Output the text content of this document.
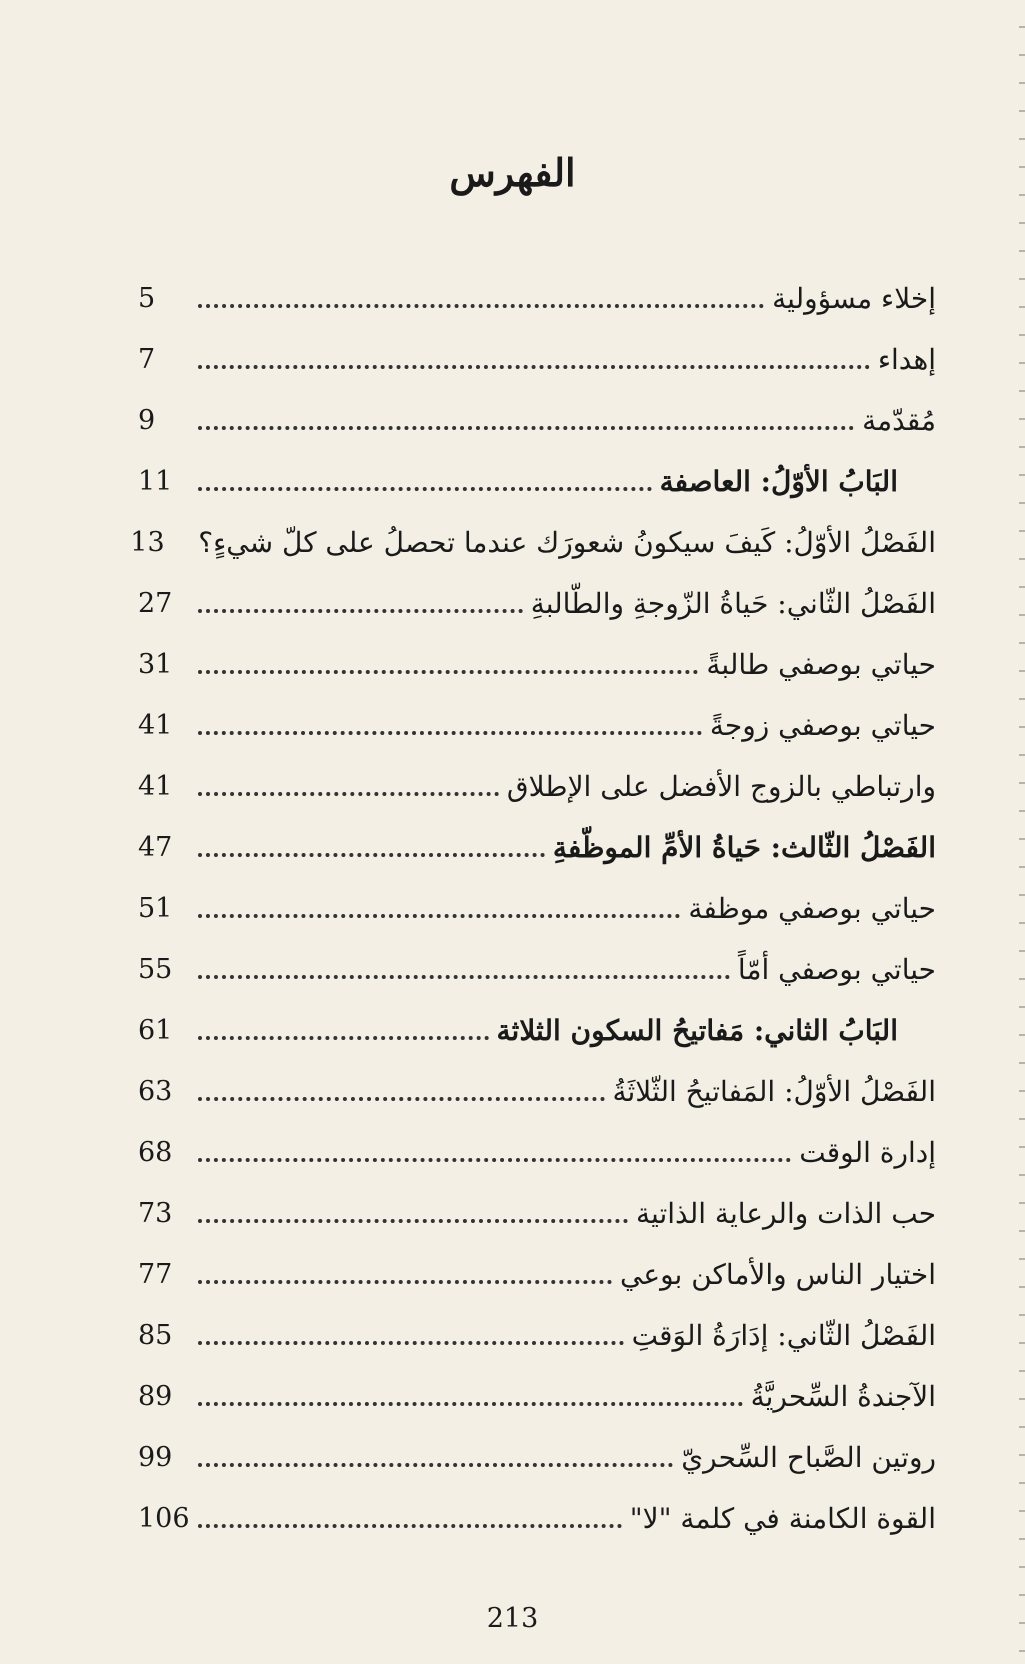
الفهرس
إخلاء مسؤولية
5
إهداء
7
مُقدّمة
9
البَابُ الأوّلُ: العاصفة
11
الفَصْلُ الأوّلُ: كَيفَ سيكونُ شعورَك عندما تحصلُ على كلّ شيءٍ؟
13
الفَصْلُ الثّاني: حَياةُ الزّوجةِ والطّالبةِ
27
حياتي بوصفي طالبةً
31
حياتي بوصفي زوجةً
41
وارتباطي بالزوج الأفضل على الإطلاق
41
الفَصْلُ الثّالث: حَياةُ الأمِّ الموظّفةِ
47
حياتي بوصفي موظفة
51
حياتي بوصفي أمّاً
55
البَابُ الثاني: مَفاتيحُ السكون الثلاثة
61
الفَصْلُ الأوّلُ: المَفاتيحُ الثّلاثَةُ
63
إدارة الوقت
68
حب الذات والرعاية الذاتية
73
اختيار الناس والأماكن بوعي
77
الفَصْلُ الثّاني: إدَارَةُ الوَقتِ
85
الآجندةُ السِّحريَّةُ
89
روتين الصَّباح السِّحريّ
99
القوة الكامنة في كلمة "لا"
106
213
